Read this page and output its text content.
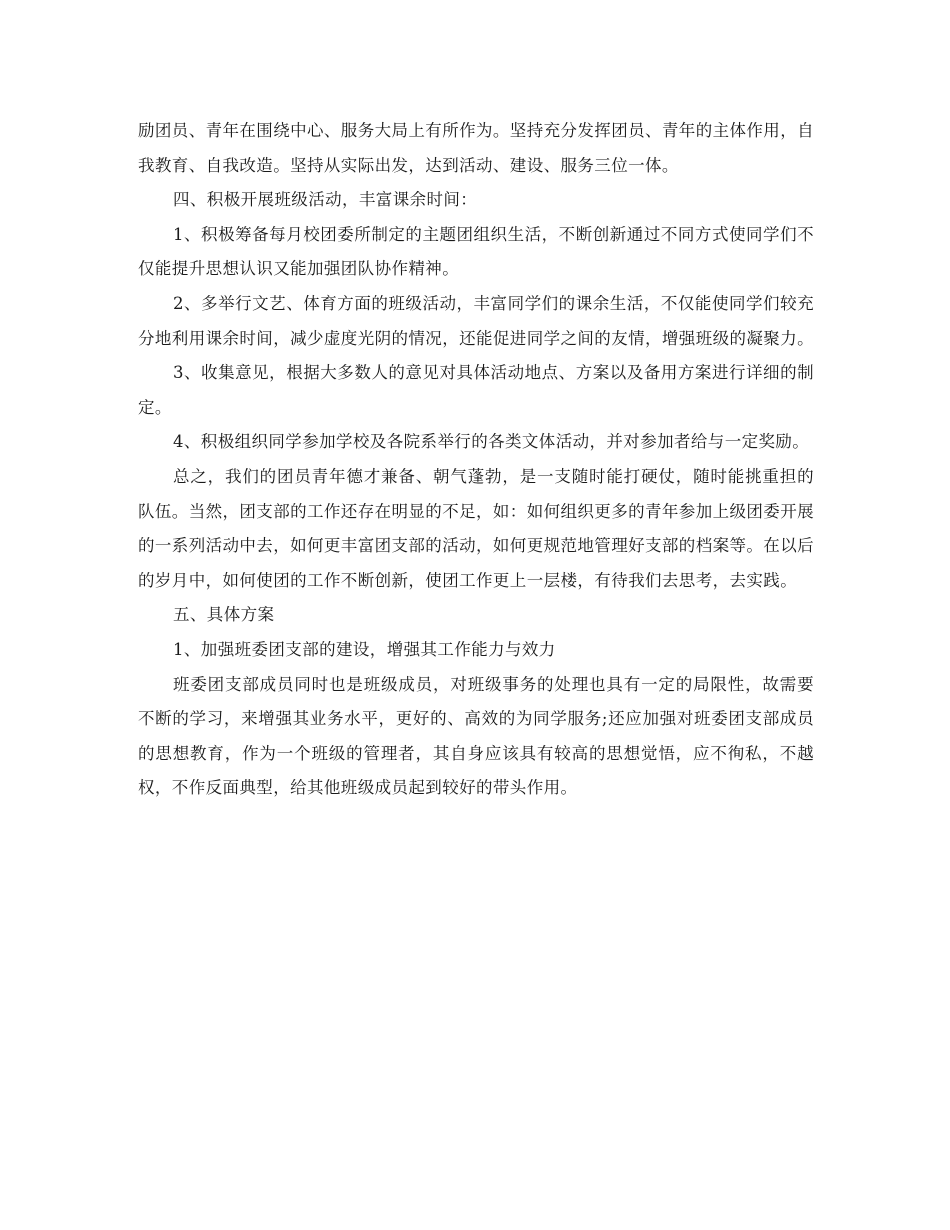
励团员、青年在围绕中心、服务大局上有所作为。坚持充分发挥团员、青年的主体作用，自我教育、自我改造。坚持从实际出发，达到活动、建设、服务三位一体。

四、积极开展班级活动，丰富课余时间：

1、积极筹备每月校团委所制定的主题团组织生活，不断创新通过不同方式使同学们不仅能提升思想认识又能加强团队协作精神。

2、多举行文艺、体育方面的班级活动，丰富同学们的课余生活，不仅能使同学们较充分地利用课余时间，减少虚度光阴的情况，还能促进同学之间的友情，增强班级的凝聚力。

3、收集意见，根据大多数人的意见对具体活动地点、方案以及备用方案进行详细的制定。

4、积极组织同学参加学校及各院系举行的各类文体活动，并对参加者给与一定奖励。

总之，我们的团员青年德才兼备、朝气蓬勃，是一支随时能打硬仗，随时能挑重担的队伍。当然，团支部的工作还存在明显的不足，如：如何组织更多的青年参加上级团委开展的一系列活动中去，如何更丰富团支部的活动，如何更规范地管理好支部的档案等。在以后的岁月中，如何使团的工作不断创新，使团工作更上一层楼，有待我们去思考，去实践。

五、具体方案

1、加强班委团支部的建设，增强其工作能力与效力

班委团支部成员同时也是班级成员，对班级事务的处理也具有一定的局限性，故需要不断的学习，来增强其业务水平，更好的、高效的为同学服务;还应加强对班委团支部成员的思想教育，作为一个班级的管理者，其自身应该具有较高的思想觉悟，应不徇私，不越权，不作反面典型，给其他班级成员起到较好的带头作用。
